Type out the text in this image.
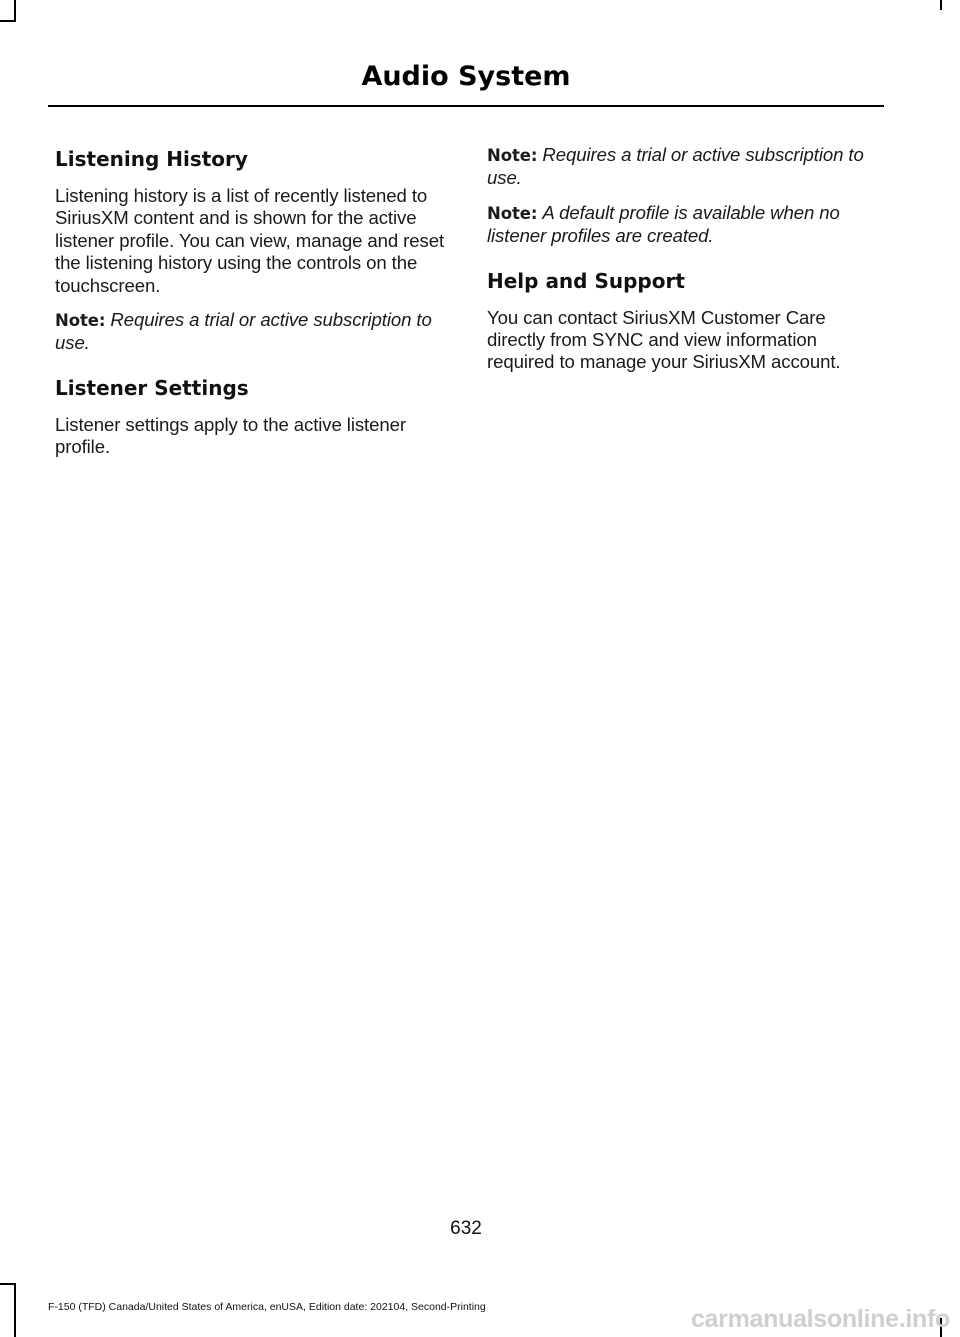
Audio System
Listening History

Listening history is a list of recently listened to SiriusXM content and is shown for the active listener profile. You can view, manage and reset the listening history using the controls on the touchscreen.

Note: Requires a trial or active subscription to use.

Listener Settings

Listener settings apply to the active listener profile.

Note: Requires a trial or active subscription to use.

Note: A default profile is available when no listener profiles are created.

Help and Support

You can contact SiriusXM Customer Care directly from SYNC and view information required to manage your SiriusXM account.

632
F-150 (TFD) Canada/United States of America, enUSA, Edition date: 202104, Second-Printing	carmanualsonline.info
